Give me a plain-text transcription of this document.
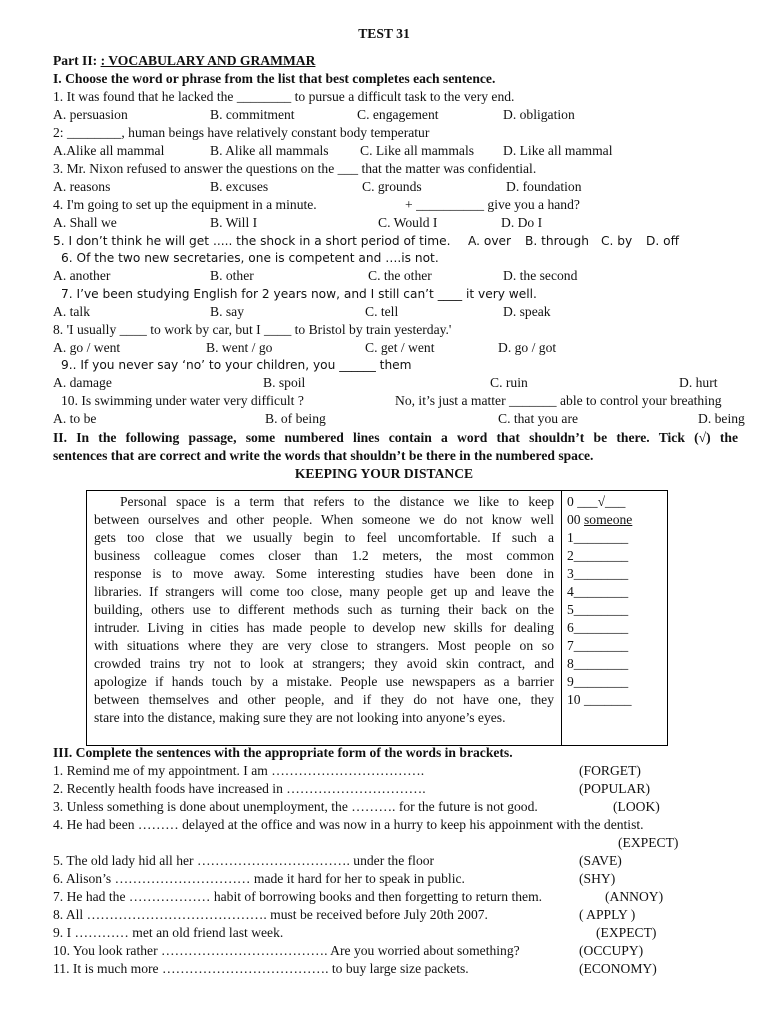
TEST 31
Part II: : VOCABULARY AND GRAMMAR
I. Choose the word or phrase from the list that best completes each sentence.
1. It was found that he lacked the ________ to pursue a difficult task to the very end.
A. persuasion	B. commitment	C. engagement	D. obligation
2: ________, human beings have relatively constant body temperatur
A.Alike all mammal	B. Alike all mammals C. Like all mammals D. Like all mammal
3. Mr. Nixon refused to answer the questions on the ___ that the matter was confidential.
A. reasons	B. excuses	C. grounds	D. foundation
4. I'm going to set up the equipment in a minute.	+ __________ give you a hand?
A. Shall we	B. Will I	C. Would I	D. Do I
5. I don’t think he will get ..... the shock in a short period of time. A. over B. through C. by D. off
6. Of the two new secretaries, one is competent and ….is not.
A. another	B. other	C. the other	D. the second
7. I’ve been studying English for 2 years now, and I still can’t ____ it very well.
A. talk	B. say	C. tell	D. speak
8. 'I usually ____ to work by car, but I ____ to Bristol by train yesterday.'
A. go / went	B. went / go	C. get / went	D. go / got
9.. If you never say ‘no’ to your children, you ______ them
A. damage	B. spoil	C. ruin	D. hurt
10. Is swimming under water very difficult ?	No, it’s just a matter _______ able to control your breathing
A. to be	B. of being	C. that you are	D. being
II. In the following passage, some numbered lines contain a word that shouldn’t be there. Tick (√) the
sentences that are correct and write the words that shouldn’t be there in the numbered space.
KEEPING YOUR DISTANCE
Personal space is a term that refers to the distance we like to keep
between ourselves and other people. When someone we do not know well
gets too close that we usually begin to feel uncomfortable. If such a
business colleague comes closer than 1.2 meters, the most common
response is to move away. Some interesting studies have been done in
libraries. If strangers will come too close, many people get up and leave the
building, others use to different methods such as turning their back on the
intruder. Living in cities has made people to develop new skills for dealing
with situations where they are very close to strangers. Most people on so
crowded trains try not to look at strangers; they avoid skin contract, and
apologize if hands touch by a mistake. People use newspapers as a barrier
between themselves and other people, and if they do not have one, they
stare into the distance, making sure they are not looking into anyone’s eyes.
0 ___√___
00 someone
1________
2________
3________
4________
5________
6________
7________
8________
9________
10 _______
III. Complete the sentences with the appropriate form of the words in brackets.
1. Remind me of my appointment. I am …………………………….	(FORGET)
2. Recently health foods have increased in ………………………….	(POPULAR)
3. Unless something is done about unemployment, the ………. for the future is not good.	(LOOK)
4. He had been ……… delayed at the office and was now in a hurry to keep his appoinment with the dentist.
(EXPECT)
5. The old lady hid all her ……………………………. under the floor	(SAVE)
6. Alison’s ………………………… made it hard for her to speak in public.	(SHY)
7. He had the ……………… habit of borrowing books and then forgetting to return them.	(ANNOY)
8. All …………………………………. must be received before July 20th 2007.	( APPLY )
9. I ………… met an old friend last week.	(EXPECT)
10. You look rather ………………………………. Are you worried about something?	(OCCUPY)
11. It is much more ………………………………. to buy large size packets.	(ECONOMY)
